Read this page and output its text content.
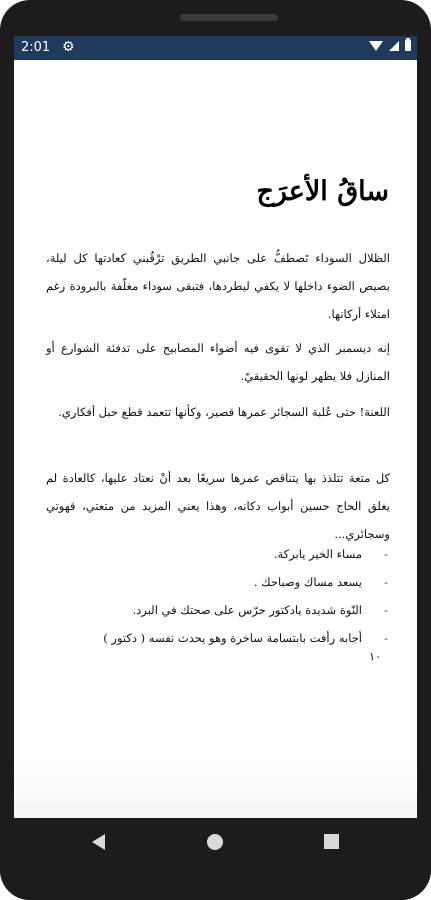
2:01 ⚙
ساقُ الأعرَج

الظلال السوداء تَصطفُّ على جانبي الطريق ترْقُبني كعادتها كل ليلة، بصيص الضوء داخلها لا يكفي ليطردها، فتبقى سوداء مغلّفة بالبرودة رغم امتلاء أركانها.

إنه ديسمبر الذي لا تقوى فيه أضواء المصابيح على تدفئة الشوارع أو المنازل فلا يظهر لونها الحقيقيّ.

اللعنة! حتى عُلبة السجائر عمرها قصير، وكأنها تتعمد قطع حبل أفكاري.

كل متعة تتلذذ بها يتناقص عمرها سريعًا بعد أنْ نعتاد عليها، كالعادة لم يغلق الحاج حسين أبواب دكانه، وهذا يعني المزيد من متعتي، قهوتي وسجائري...

-
مساء الخير يابركة.
-
يسعد مساك وصباحك .
-
النّوة شديدة يادكتور حرّس على صحتك في البرد.
-
أجابه رأفت بابتسامة ساخرة وهو يحدث نفسه ( دكتور )
١٠
